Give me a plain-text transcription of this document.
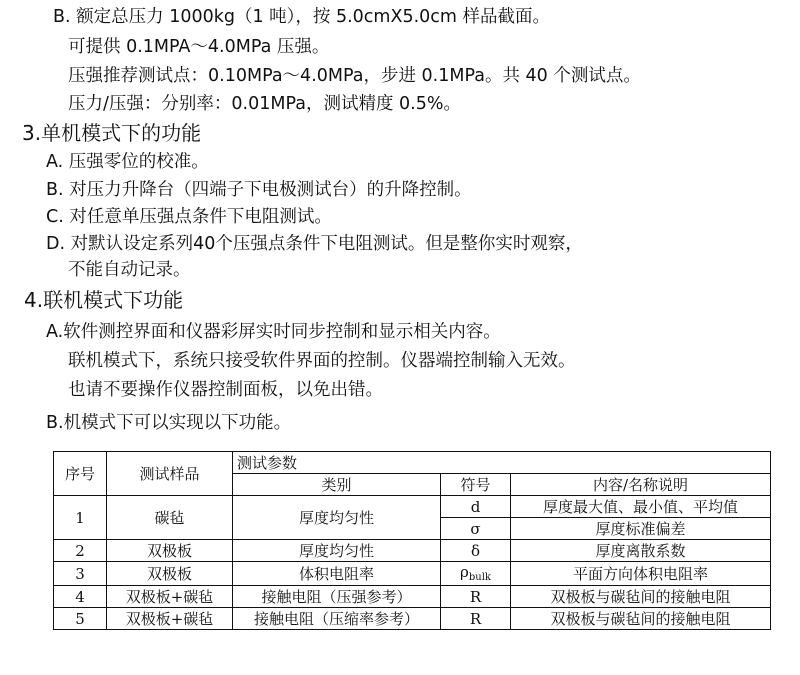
B. 额定总压力 1000kg（1 吨），按 5.0cmX5.0cm 样品截面。
可提供 0.1MPA～4.0MPa 压强。
压强推荐测试点：0.10MPa～4.0MPa，步进 0.1MPa。共 40 个测试点。
压力/压强：分别率：0.01MPa，测试精度 0.5%。
3.单机模式下的功能
A. 压强零位的校准。
B. 对压力升降台（四端子下电极测试台）的升降控制。
C. 对任意单压强点条件下电阻测试。
D. 对默认设定系列40个压强点条件下电阻测试。但是整你实时观察，
不能自动记录。
4.联机模式下功能
A.软件测控界面和仪器彩屏实时同步控制和显示相关内容。
联机模式下，系统只接受软件界面的控制。仪器端控制输入无效。
也请不要操作仪器控制面板，以免出错。
B.机模式下可以实现以下功能。
序号	测试样品	测试参数		
		类别	符号	内容/名称说明
1	碳毡	厚度均匀性	d	厚度最大值、最小值、平均值
			σ	厚度标准偏差
2	双极板	厚度均匀性	δ	厚度离散系数
3	双极板	体积电阻率	$\rho_{bulk}$	平面方向体积电阻率
4	双极板+碳毡	接触电阻（压强参考）	R	双极板与碳毡间的接触电阻
5	双极板+碳毡	接触电阻（压缩率参考）	R	双极板与碳毡间的接触电阻
